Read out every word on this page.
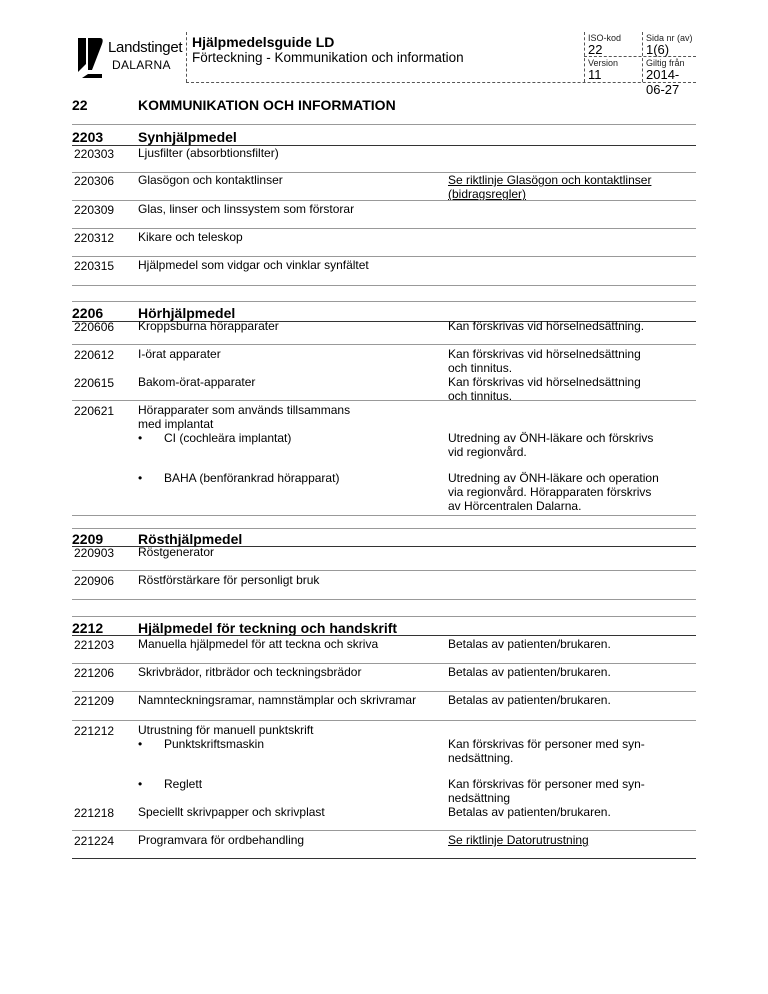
Landstinget
DALARNA
Hjälpmedelsguide LD
Förteckning - Kommunikation och information
ISO-kod
22
Sida nr (av)
1(6)
Version
11
Giltig från
2014-06-27
22	KOMMUNIKATION OCH INFORMATION
2203 Synhjälpmedel
220303 Ljusfilter (absorbtionsfilter)
220306 Glasögon och kontaktlinser	Se riktlinje Glasögon och kontaktlinser
(bidragsregler)
220309 Glas, linser och linssystem som förstorar
220312 Kikare och teleskop
220315 Hjälpmedel som vidgar och vinklar synfältet
2206 Hörhjälpmedel
220606 Kroppsburna hörapparater	Kan förskrivas vid hörselnedsättning.
220612 I-örat apparater	Kan förskrivas vid hörselnedsättning
och tinnitus.
220615 Bakom-örat-apparater	Kan förskrivas vid hörselnedsättning
och tinnitus.
220621 Hörapparater som används tillsammans
med implantat
• CI (cochleära implantat)	Utredning av ÖNH-läkare och förskrivs
vid regionvård.
• BAHA (benförankrad hörapparat)	Utredning av ÖNH-läkare och operation
via regionvård. Hörapparaten förskrivs
av Hörcentralen Dalarna.
2209 Rösthjälpmedel
220903 Röstgenerator
220906 Röstförstärkare för personligt bruk
2212 Hjälpmedel för teckning och handskrift
221203 Manuella hjälpmedel för att teckna och skriva	Betalas av patienten/brukaren.
221206 Skrivbrädor, ritbrädor och teckningsbrädor	Betalas av patienten/brukaren.
221209 Namnteckningsramar, namnstämplar och skrivramar	Betalas av patienten/brukaren.
221212 Utrustning för manuell punktskrift
• Punktskriftsmaskin	Kan förskrivas för personer med syn-
nedsättning.
• Reglett	Kan förskrivas för personer med syn-
nedsättning
221218 Speciellt skrivpapper och skrivplast	Betalas av patienten/brukaren.
221224 Programvara för ordbehandling	Se riktlinje Datorutrustning
